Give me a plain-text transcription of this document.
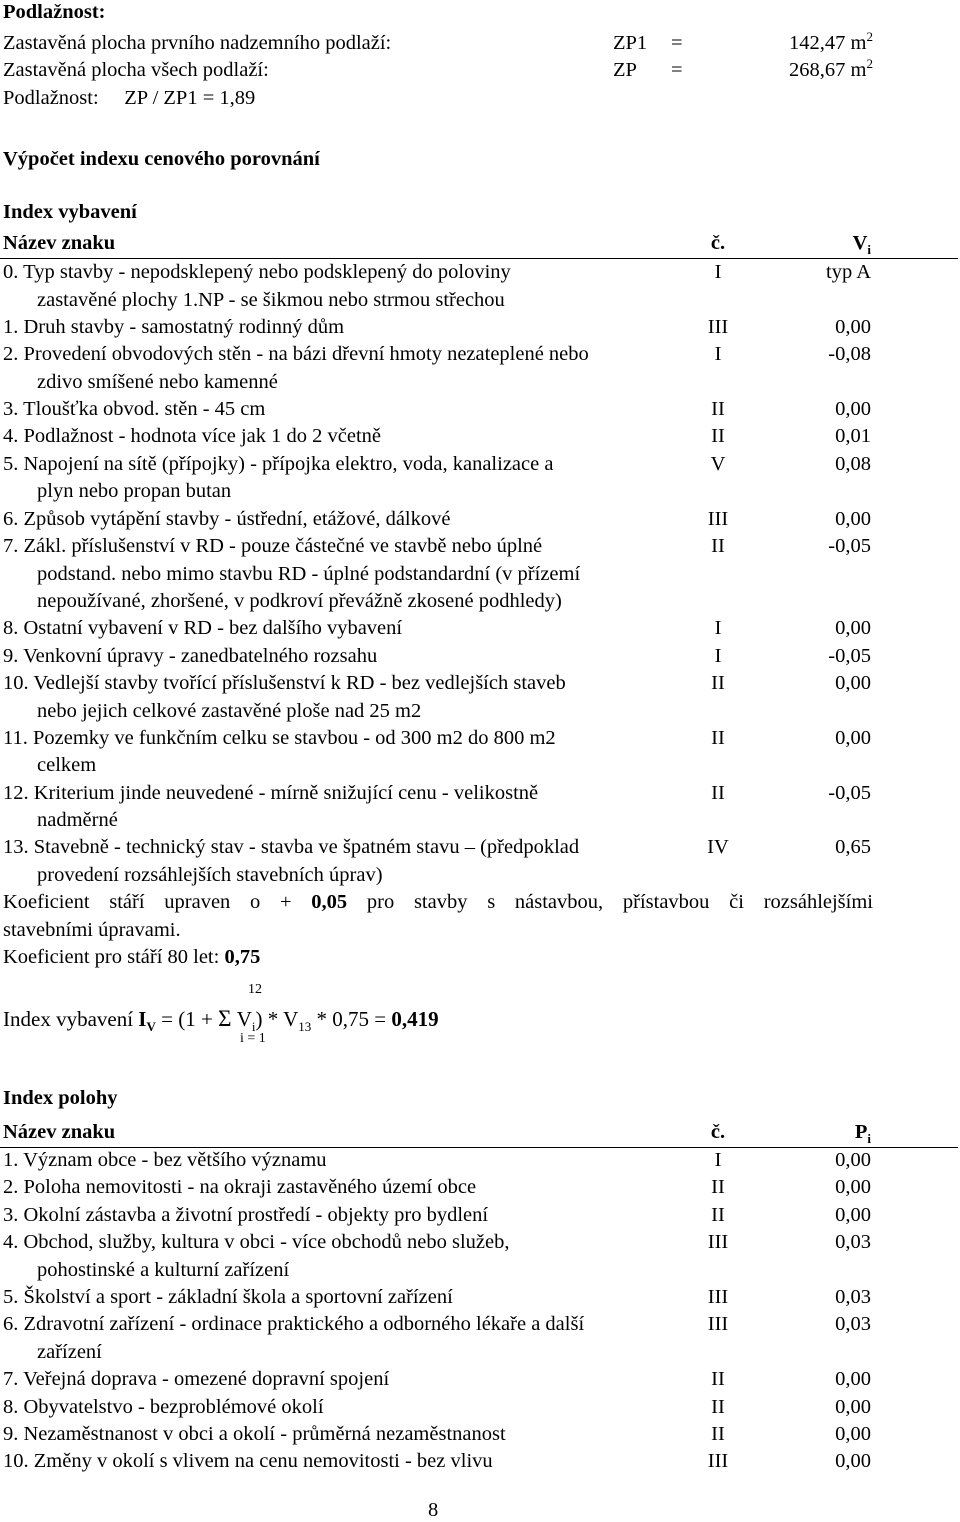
Podlažnost:
Zastavěná plocha prvního nadzemního podlaží:	ZP1	=	142,47 $m^2$
Zastavěná plocha všech podlaží:	ZP	=	268,67 $m^2$
Podlažnost:     ZP / ZP1 = 1,89
Výpočet indexu cenového porovnání
Index vybavení
Název znaku	č.	$V_i$
0. Typ stavby - nepodsklepený nebo podsklepený do poloviny
zastavěné plochy 1.NP - se šikmou nebo strmou střechou
I	typ A
1. Druh stavby - samostatný rodinný dům	III	0,00
2. Provedení obvodových stěn - na bázi dřevní hmoty nezateplené nebo
zdivo smíšené nebo kamenné
I	-0,08
3. Tloušťka obvod. stěn - 45 cm	II	0,00
4. Podlažnost - hodnota více jak 1 do 2 včetně	II	0,01
5. Napojení na sítě (přípojky) - přípojka elektro, voda, kanalizace a
plyn nebo propan butan
V	0,08
6. Způsob vytápění stavby - ústřední, etážové, dálkové	III	0,00
7. Zákl. příslušenství v RD - pouze částečné ve stavbě nebo úplné
podstand. nebo mimo stavbu RD - úplné podstandardní (v přízemí
nepoužívané, zhoršené, v podkroví převážně zkosené podhledy)
II	-0,05
8. Ostatní vybavení v RD - bez dalšího vybavení	I	0,00
9. Venkovní úpravy - zanedbatelného rozsahu	I	-0,05
10. Vedlejší stavby tvořící příslušenství k RD - bez vedlejších staveb
nebo jejich celkové zastavěné ploše nad 25 m2
II	0,00
11. Pozemky ve funkčním celku se stavbou - od 300 m2 do 800 m2
celkem
II	0,00
12. Kriterium jinde neuvedené - mírně snižující cenu - velikostně
nadměrné
II	-0,05
13. Stavebně - technický stav - stavba ve špatném stavu – (předpoklad
provedení rozsáhlejších stavebních úprav)
IV	0,65
Koeficient stáří upraven o + 0,05 pro stavby s nástavbou, přístavbou či rozsáhlejšími
stavebními úpravami.
Koeficient pro stáří 80 let: 0,75
12
Index vybavení $I_V = (1 + \Sigma$ $V_i) * V_{13} * 0,75 = 0,419$
i = 1
Index polohy
Název znaku	č.	$P_i$
1. Význam obce - bez většího významu	I	0,00
2. Poloha nemovitosti - na okraji zastavěného území obce	II	0,00
3. Okolní zástavba a životní prostředí - objekty pro bydlení	II	0,00
4. Obchod, služby, kultura v obci - více obchodů nebo služeb,
pohostinské a kulturní zařízení
III	0,03
5. Školství a sport - základní škola a sportovní zařízení	III	0,03
6. Zdravotní zařízení - ordinace praktického a odborného lékaře a další
zařízení
III	0,03
7. Veřejná doprava - omezené dopravní spojení	II	0,00
8. Obyvatelstvo - bezproblémové okolí	II	0,00
9. Nezaměstnanost v obci a okolí - průměrná nezaměstnanost	II	0,00
10. Změny v okolí s vlivem na cenu nemovitosti - bez vlivu	III	0,00
8
